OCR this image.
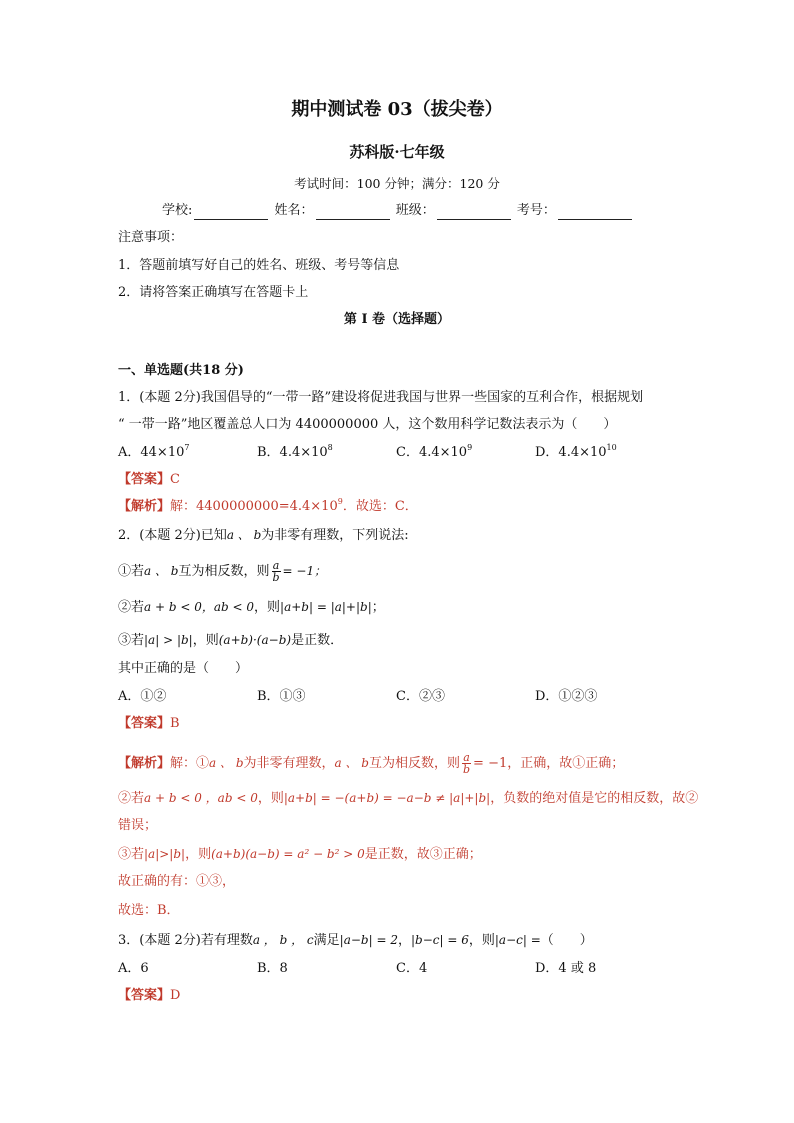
期中测试卷 03（拔尖卷）
苏科版·七年级
考试时间：100 分钟；满分：120 分
学校:	姓名：	班级：	考号：
注意事项：
1．答题前填写好自己的姓名、班级、考号等信息
2．请将答案正确填写在答题卡上
第 I 卷（选择题）
一、单选题(共18 分)
1．(本题 2分)我国倡导的“一带一路”建设将促进我国与世界一些国家的互利合作，根据规划
“ 一带一路”地区覆盖总人口为 4400000000 人，这个数用科学记数法表示为（　　）
A．$44\times 10^7$	B．$4.4\times 10^8$	C．$4.4\times 10^9$	D．$4.4\times 10^{10}$
【答案】C
【解析】解：$4400000000=4.4\times 10^9$．故选：C．
2．(本题 2分)已知a 、 b为非零有理数，下列说法:
①若a 、 b互为相反数，则 $\frac{a}{b} = -1$；
②若a + b < 0，ab < 0，则|a+b| = |a|+|b|；
③若|a| > |b|，则(a+b)·(a−b)是正数．
其中正确的是（　　）
A．①②	B．①③	C．②③	D．①②③
【答案】B
【解析】解：①a 、 b为非零有理数，a 、 b互为相反数，则 $\frac{a}{b} = -1$，正确，故①正确；
②若a + b < 0 ，ab < 0，则|a+b| = −(a+b) = −a−b ≠ |a|+|b|，负数的绝对值是它的相反数，故②
错误；
③若|a|>|b|，则(a+b)(a−b) = a² − b² > 0是正数，故③正确；
故正确的有：①③，
故选：B．
3．(本题 2分)若有理数a ， b ， c满足|a−b| = 2，|b−c| = 6，则|a−c| =（　　）
A．6	B．8	C．4	D．4 或 8
【答案】D
